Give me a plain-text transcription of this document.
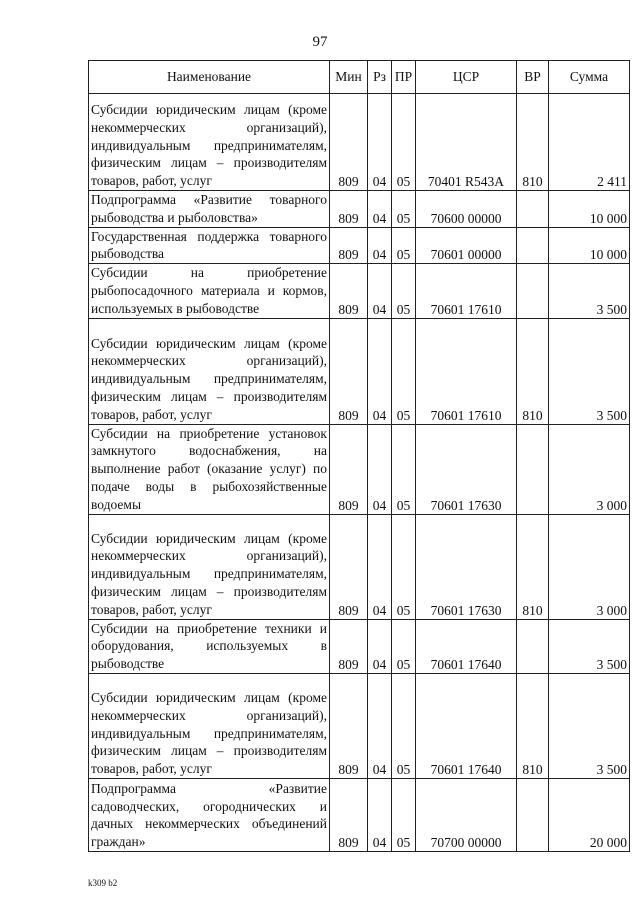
97
Наименование	Мин	Рз	ПР	ЦСР	ВР	Сумма
Субсидии юридическим лицам (кроме некоммерческих организаций), индивидуальным предпринимателям, физическим лицам – производителям товаров, работ, услуг	809	04	05	70401 R543A	810	2 411
Подпрограмма «Развитие товарного рыбоводства и рыболовства»	809	04	05	70600 00000		10 000
Государственная поддержка товарного рыбоводства	809	04	05	70601 00000		10 000
Субсидии на приобретение рыбопосадочного материала и кормов, используемых в рыбоводстве	809	04	05	70601 17610		3 500
Субсидии юридическим лицам (кроме некоммерческих организаций), индивидуальным предпринимателям, физическим лицам – производителям товаров, работ, услуг	809	04	05	70601 17610	810	3 500
Субсидии на приобретение установок замкнутого водоснабжения, на выполнение работ (оказание услуг) по подаче воды в рыбохозяйственные водоемы	809	04	05	70601 17630		3 000
Субсидии юридическим лицам (кроме некоммерческих организаций), индивидуальным предпринимателям, физическим лицам – производителям товаров, работ, услуг	809	04	05	70601 17630	810	3 000
Субсидии на приобретение техники и оборудования, используемых в рыбоводстве	809	04	05	70601 17640		3 500
Субсидии юридическим лицам (кроме некоммерческих организаций), индивидуальным предпринимателям, физическим лицам – производителям товаров, работ, услуг	809	04	05	70601 17640	810	3 500
Подпрограмма «Развитие садоводческих, огороднических и дачных некоммерческих объединений граждан»	809	04	05	70700 00000		20 000
k309 b2
